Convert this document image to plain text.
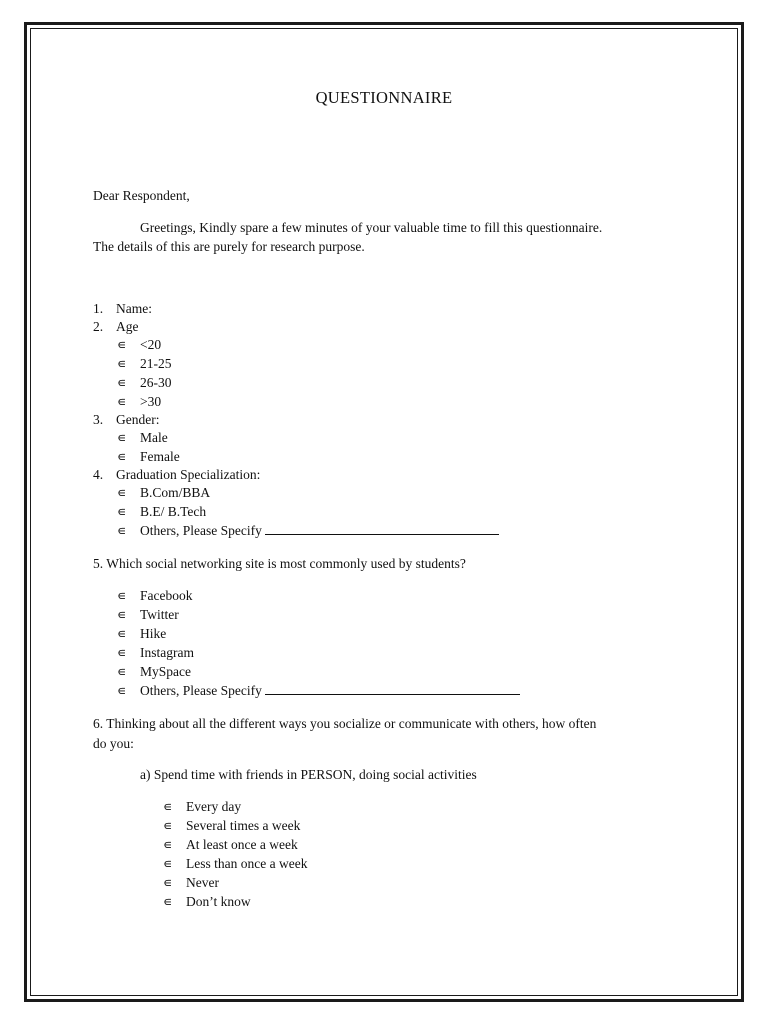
QUESTIONNAIRE
Dear Respondent,
Greetings, Kindly spare a few minutes of your valuable time to fill this questionnaire.
The details of this are purely for research purpose.
1. Name:
2. Age
∊ <20
∊ 21-25
∊ 26-30
∊ >30
3. Gender:
∊ Male
∊ Female
4. Graduation Specialization:
∊ B.Com/BBA
∊ B.E/ B.Tech
∊ Others, Please Specify
5. Which social networking site is most commonly used by students?
∊ Facebook
∊ Twitter
∊ Hike
∊ Instagram
∊ MySpace
∊ Others, Please Specify
6. Thinking about all the different ways you socialize or communicate with others, how often
do you:
a) Spend time with friends in PERSON, doing social activities
∊ Every day
∊ Several times a week
∊ At least once a week
∊ Less than once a week
∊ Never
∊ Don’t know
